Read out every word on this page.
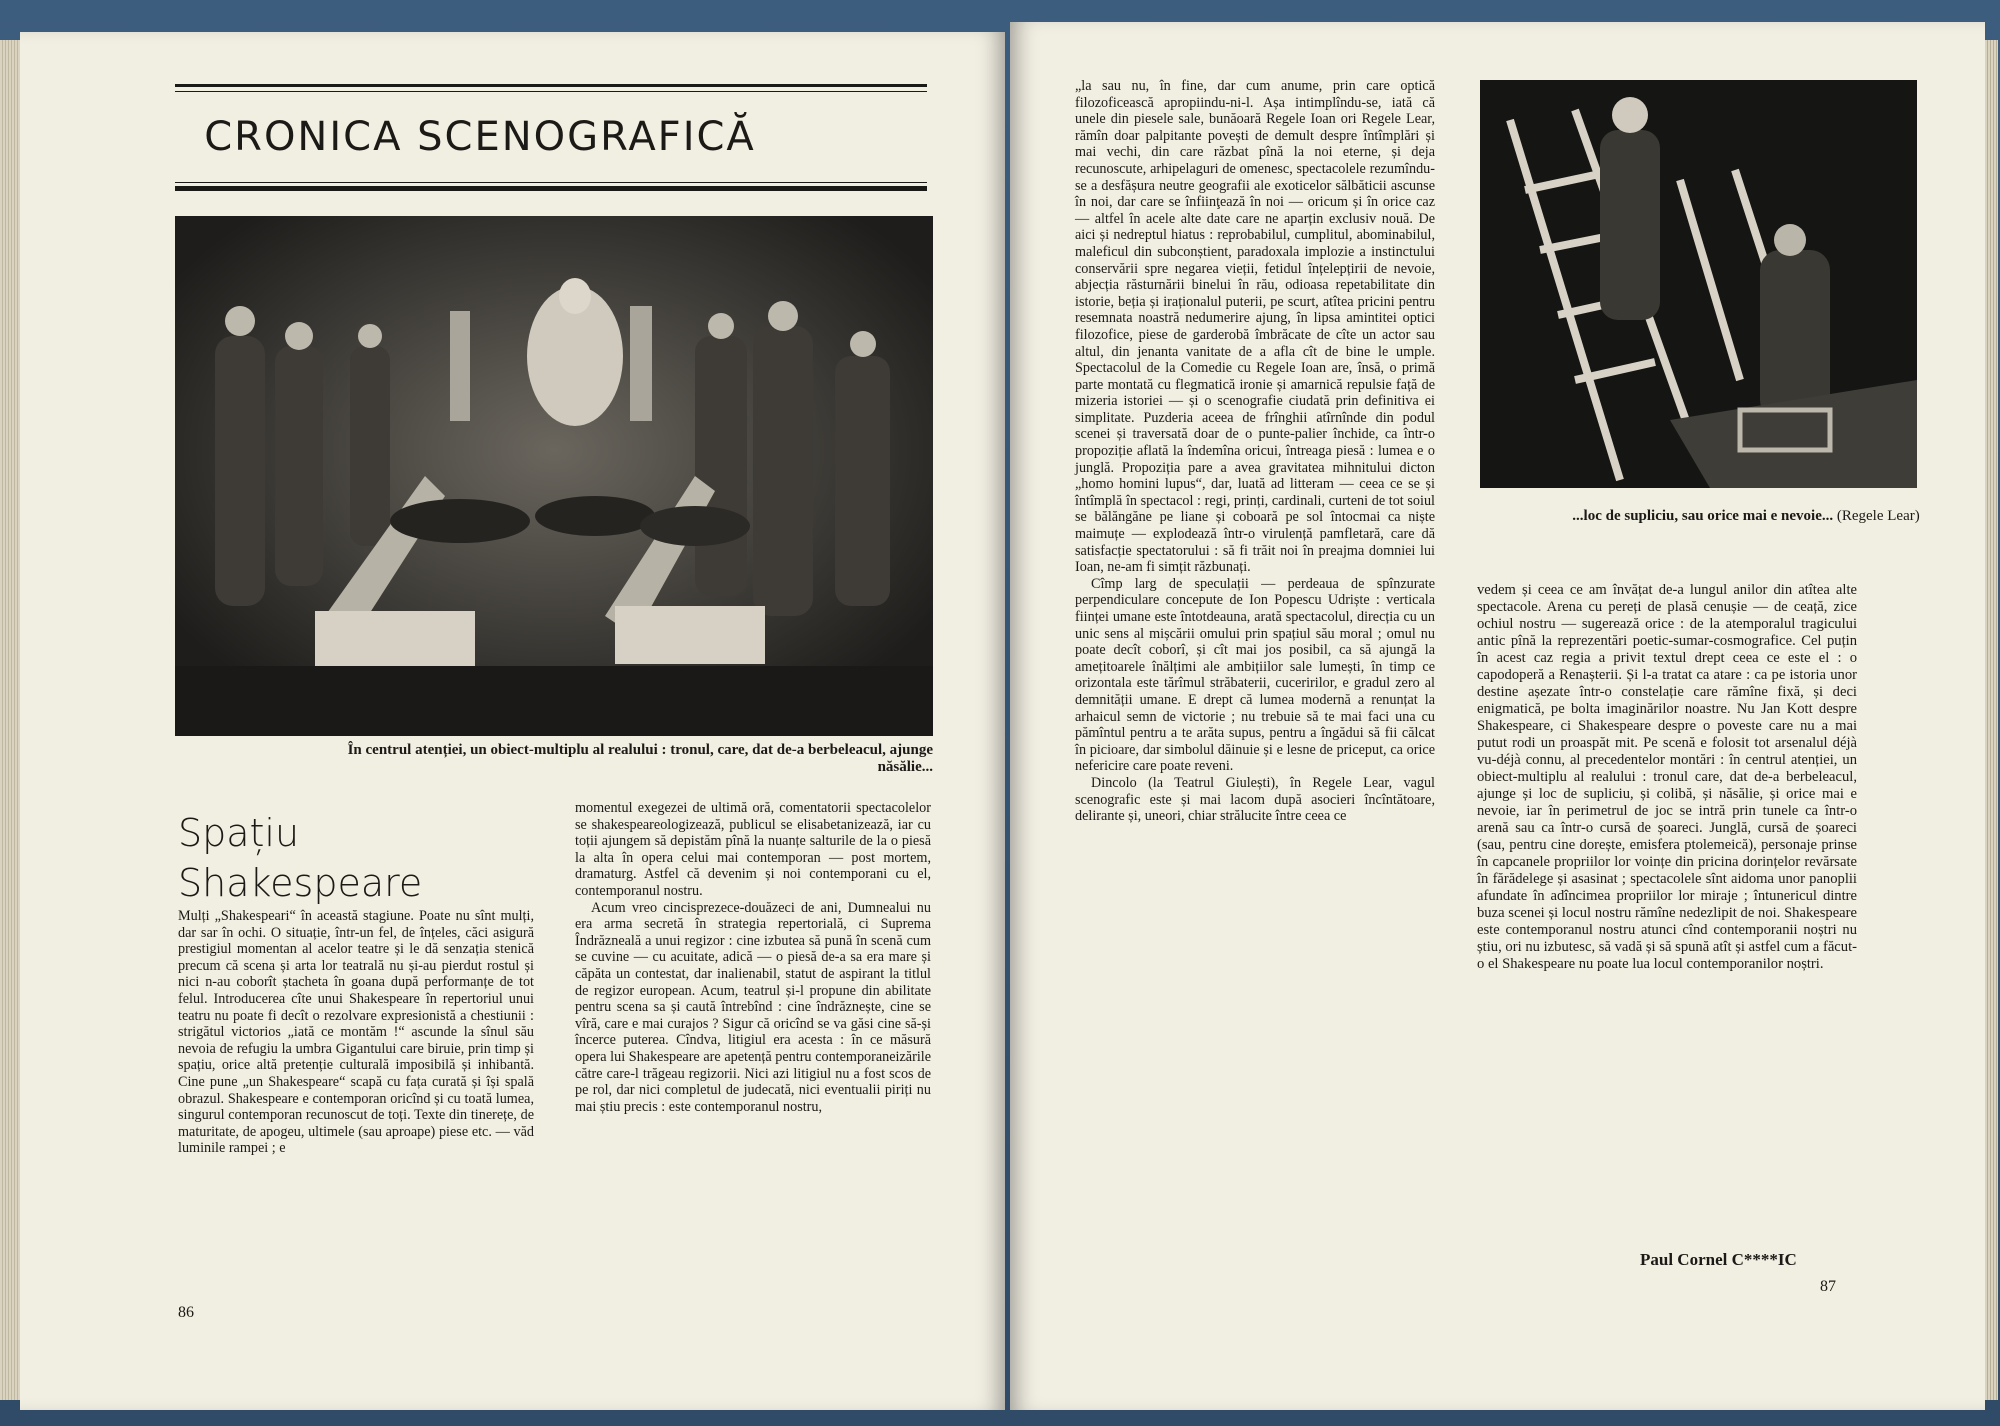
CRONICA SCENOGRAFICĂ
În centrul atenției, un obiect-multiplu al realului : tronul, care, dat de-a berbeleacul, ajunge năsălie...
Spațiu
Shakespeare

Mulți „Shakespeari“ în această stagiune. Poate nu sînt mulți, dar sar în ochi. O situație, într-un fel, de înțeles, căci asigură prestigiul momentan al acelor teatre și le dă senzația stenică precum că scena și arta lor teatrală nu și-au pierdut rostul și nici n-au coborît ștacheta în goana după performanțe de tot felul. Introducerea cîte unui Shakespeare în repertoriul unui teatru nu poate fi decît o rezolvare expresionistă a chestiunii : strigătul victorios „iată ce montăm !“ ascunde la sînul său nevoia de refugiu la umbra Gigantului care biruie, prin timp și spațiu, orice altă pretenție culturală imposibilă și inhibantă. Cine pune „un Shakespeare“ scapă cu fața curată și își spală obrazul. Shakespeare e contemporan oricînd și cu toată lumea, singurul contemporan recunoscut de toți. Texte din tinerețe, de maturitate, de apogeu, ultimele (sau aproape) piese etc. — văd luminile rampei ; e

momentul exegezei de ultimă oră, comentatorii spectacolelor se shakespeareologizează, publicul se elisabetanizează, iar cu toții ajungem să depistăm pînă la nuanțe salturile de la o piesă la alta în opera celui mai contemporan — post mortem, dramaturg. Astfel că devenim și noi contemporani cu el, contemporanul nostru.

Acum vreo cincisprezece-douăzeci de ani, Dumnealui nu era arma secretă în strategia repertorială, ci Suprema Îndrăzneală a unui regizor : cine izbutea să pună în scenă cum se cuvine — cu acuitate, adică — o piesă de-a sa era mare și căpăta un contestat, dar inalienabil, statut de aspirant la titlul de regizor european. Acum, teatrul și-l propune din abilitate pentru scena sa și caută întrebînd : cine îndrăznește, cine se vîră, care e mai curajos ? Sigur că oricînd se va găsi cine să-și încerce puterea. Cîndva, litigiul era acesta : în ce măsură opera lui Shakespeare are apetență pentru contemporaneizările către care-l trăgeau regizorii. Nici azi litigiul nu a fost scos de pe rol, dar nici completul de judecată, nici eventualii piriți nu mai știu precis : este contemporanul nostru,

86

„la sau nu, în fine, dar cum anume, prin care optică filozoficească apropiindu-ni-l. Așa intimplîndu-se, iată că unele din piesele sale, bunăoară Regele Ioan ori Regele Lear, rămîn doar palpitante povești de demult despre întîmplări și mai vechi, din care răzbat pînă la noi eterne, și deja recunoscute, arhipelaguri de omenesc, spectacolele rezumîndu-se a desfășura neutre geografii ale exoticelor sălbăticii ascunse în noi, dar care se înfiinţează în noi — oricum și în orice caz — altfel în acele alte date care ne aparțin exclusiv nouă. De aici și nedreptul hiatus : reprobabilul, cumplitul, abominabilul, maleficul din subconștient, paradoxala implozie a instinctului conservării spre negarea vieții, fetidul înțelepțirii de nevoie, abjecția răsturnării binelui în rău, odioasa repetabilitate din istorie, bețiа și iraționalul puterii, pe scurt, atîtea pricini pentru resemnata noastră nedumerire ajung, în lipsa amintitei optici filozofice, piese de garderobă îmbrăcate de cîte un actor sau altul, din jenanta vanitate de a afla cît de bine le umple. Spectacolul de la Comedie cu Regele Ioan are, însă, o primă parte montată cu flegmatică ironie și amarnică repulsie față de mizeria istoriei — și o scenografie ciudată prin definitiva ei simplitate. Puzderia aceea de frînghii atîrnînde din podul scenei și traversată doar de o punte-palier închide, ca într-o propoziție aflată la îndemîna oricui, întreaga piesă : lumea e o junglă. Propoziția pare a avea gravitatea mihnitului dicton „homo homini lupus“, dar, luată ad litteram — ceea ce se și întîmplă în spectacol : regi, prinți, cardinali, curteni de tot soiul se bălăngăne pe liane și coboară pe sol întocmai ca niște maimuțe — explodează într-o virulență pamfletară, care dă satisfacție spectatorului : să fi trăit noi în preajma domniei lui Ioan, ne-am fi simțit răzbunați.

Cîmp larg de speculații — perdeaua de spînzurate perpendiculare concepute de Ion Popescu Udriște : verticala ființei umane este întotdeauna, arată spectacolul, direcția cu un unic sens al mișcării omului prin spațiul său moral ; omul nu poate decît coborî, și cît mai jos posibil, ca să ajungă la amețitoarele înălțimi ale ambițiilor sale lumești, în timp ce orizontala este tărîmul străbaterii, cuceririlor, e gradul zero al demnității umane. E drept că lumea modernă a renunțat la arhaicul semn de victorie ; nu trebuie să te mai faci una cu pămîntul pentru a te arăta supus, pentru a îngădui să fii călcat în picioare, dar simbolul dăinuie și e lesne de priceput, ca orice nefericire care poate reveni.

Dincolo (la Teatrul Giulești), în Regele Lear, vagul scenografic este și mai lacom după asocieri încîntătoare, delirante și, uneori, chiar strălucite între ceea ce

...loc de supliciu, sau orice mai e nevoie... (Regele Lear)

vedem și ceea ce am învățat de-a lungul anilor din atîtea alte spectacole. Arena cu pereți de plasă cenușie — de ceață, zice ochiul nostru — sugerează orice : de la atemporalul tragicului antic pînă la reprezentări poetic-sumar-cosmografice. Cel puțin în acest caz regia a privit textul drept ceea ce este el : o capodoperă a Renașterii. Și l-a tratat ca atare : ca pe istoria unor destine așezate într-o constelație care rămîne fixă, și deci enigmatică, pe bolta imaginărilor noastre. Nu Jan Kott despre Shakespeare, ci Shakespeare despre o poveste care nu a mai putut rodi un proaspăt mit. Pe scenă e folosit tot arsenalul déjà vu-déjà connu, al precedentelor montări : în centrul atenției, un obiect-multiplu al realului : tronul care, dat de-a berbeleacul, ajunge și loc de supliciu, și colibă, și năsălie, și orice mai e nevoie, iar în perimetrul de joc se intră prin tunele ca într-o arenă sau ca într-o cursă de șoareci. Junglă, cursă de șoareci (sau, pentru cine dorește, emisfera ptolemeică), personaje prinse în capcanele propriilor lor voințe din pricina dorințelor revărsate în fărădelege și asasinat ; spectacolele sînt aidoma unor panoplii afundate în adîncimea propriilor lor miraje ; întunericul dintre buza scenei și locul nostru rămîne nedezlipit de noi. Shakespeare este contemporanul nostru atunci cînd contemporanii noștri nu știu, ori nu izbutesc, să vadă și să spună atît și astfel cum a făcut-o el Shakespeare nu poate lua locul contemporanilor noștri.

Paul Cornel C****IC
87
